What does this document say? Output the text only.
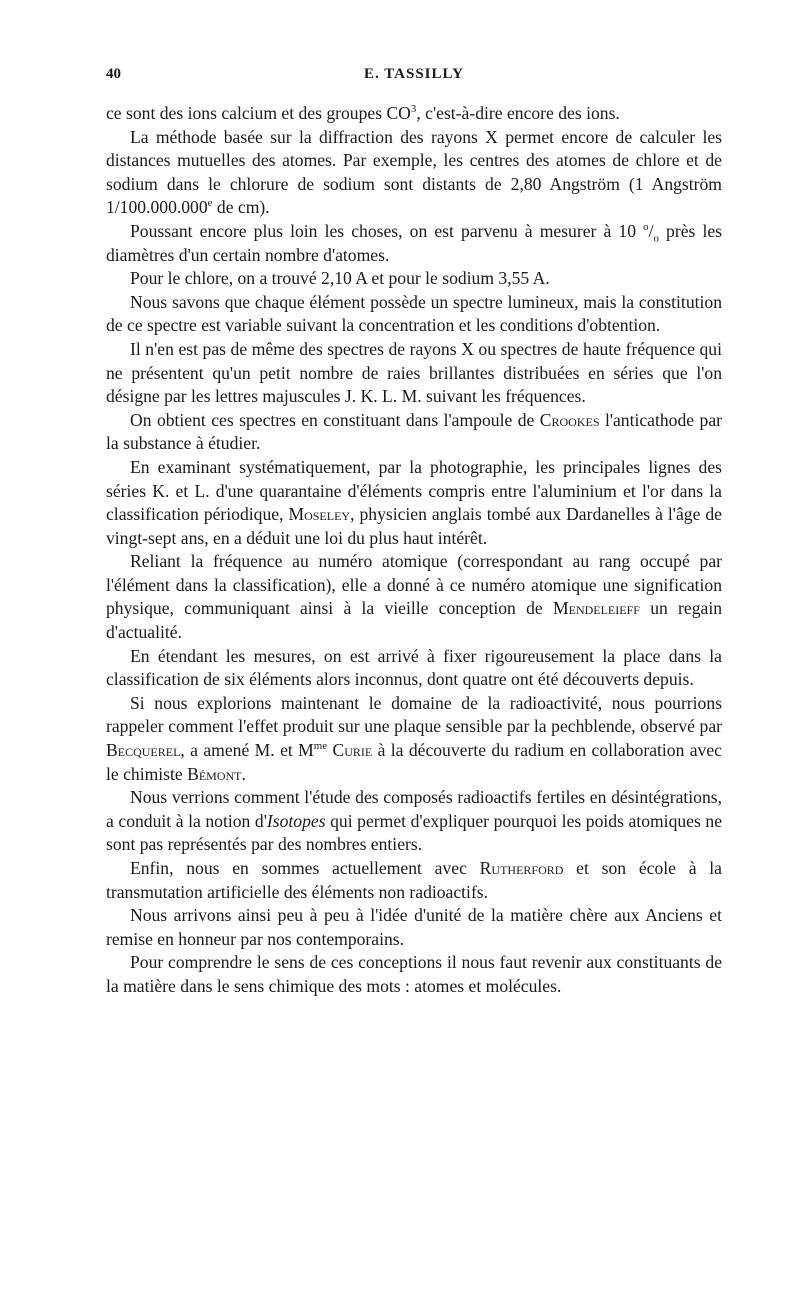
40	E. TASSILLY

ce sont des ions calcium et des groupes $CO^3$, c'est-à-dire encore des ions.

La méthode basée sur la diffraction des rayons X permet encore de calculer les distances mutuelles des atomes. Par exemple, les centres des atomes de chlore et de sodium dans le chlorure de sodium sont distants de 2,80 Angström (1 Angström 1/100.000.000e de cm).

Poussant encore plus loin les choses, on est parvenu à mesurer à 10 $^o/_o$ près les diamètres d'un certain nombre d'atomes.

Pour le chlore, on a trouvé 2,10 A et pour le sodium 3,55 A.

Nous savons que chaque élément possède un spectre lumineux, mais la constitution de ce spectre est variable suivant la concentration et les conditions d'obtention.

Il n'en est pas de même des spectres de rayons X ou spectres de haute fréquence qui ne présentent qu'un petit nombre de raies brillantes distribuées en séries que l'on désigne par les lettres majuscules J. K. L. M. suivant les fréquences.

On obtient ces spectres en constituant dans l'ampoule de Crookes l'anticathode par la substance à étudier.

En examinant systématiquement, par la photographie, les principales lignes des séries K. et L. d'une quarantaine d'éléments compris entre l'aluminium et l'or dans la classification périodique, Moseley, physicien anglais tombé aux Dardanelles à l'âge de vingt-sept ans, en a déduit une loi du plus haut intérêt.

Reliant la fréquence au numéro atomique (correspondant au rang occupé par l'élément dans la classification), elle a donné à ce numéro atomique une signification physique, communiquant ainsi à la vieille conception de Mendeleieff un regain d'actualité.

En étendant les mesures, on est arrivé à fixer rigoureusement la place dans la classification de six éléments alors inconnus, dont quatre ont été découverts depuis.

Si nous explorions maintenant le domaine de la radioactivité, nous pourrions rappeler comment l'effet produit sur une plaque sensible par la pechblende, observé par Becquerel, a amené M. et $M^{me}$ Curie à la découverte du radium en collaboration avec le chimiste Bémont.

Nous verrions comment l'étude des composés radioactifs fertiles en désintégrations, a conduit à la notion d'Isotopes qui permet d'expliquer pourquoi les poids atomiques ne sont pas représentés par des nombres entiers.

Enfin, nous en sommes actuellement avec Rutherford et son école à la transmutation artificielle des éléments non radioactifs.

Nous arrivons ainsi peu à peu à l'idée d'unité de la matière chère aux Anciens et remise en honneur par nos contemporains.

Pour comprendre le sens de ces conceptions il nous faut revenir aux constituants de la matière dans le sens chimique des mots : atomes et molécules.
